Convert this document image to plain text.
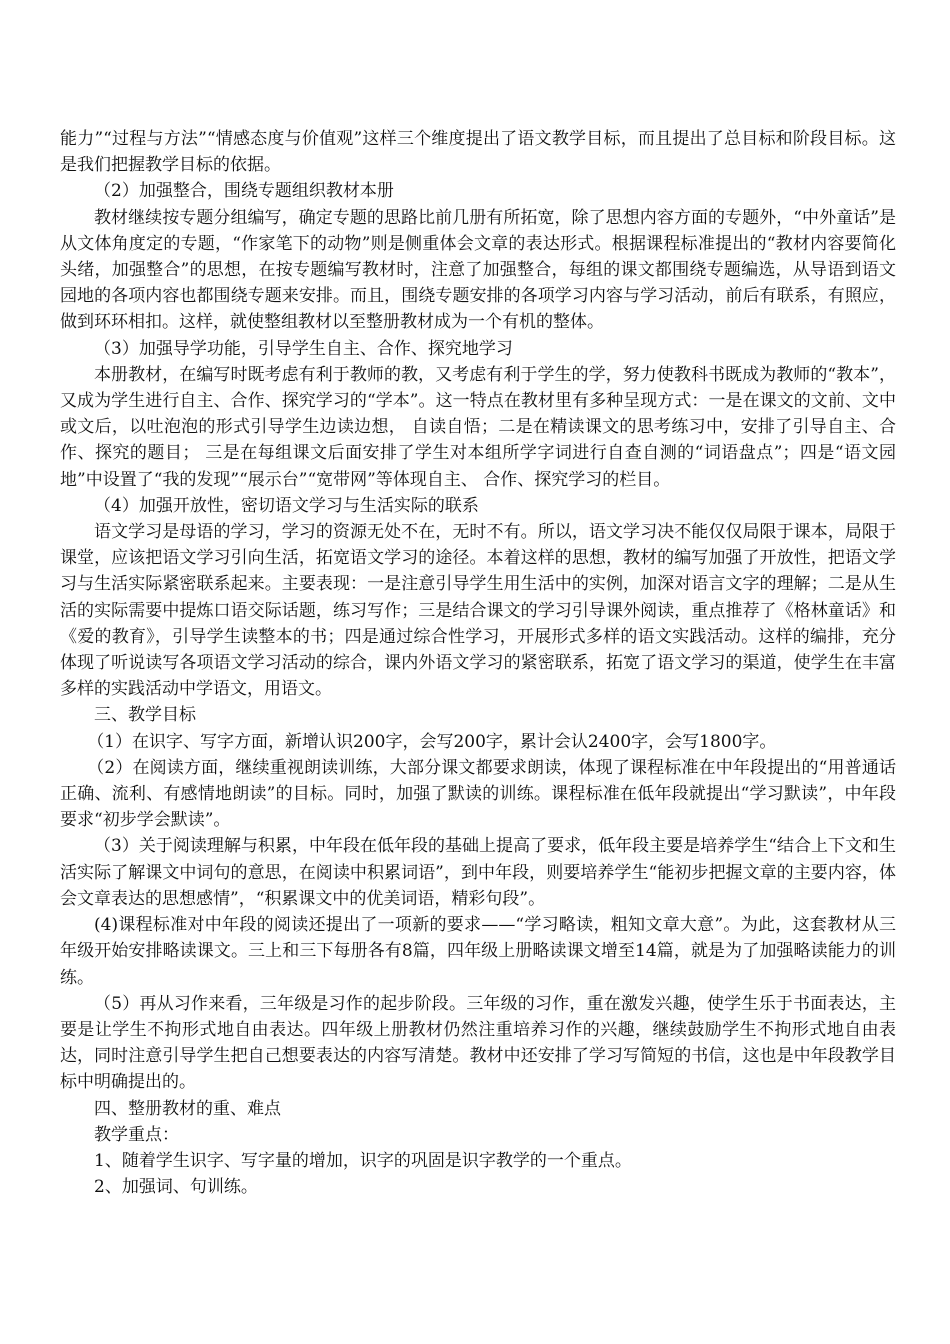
能力”“过程与方法”“情感态度与价值观”这样三个维度提出了语文教学目标，而且提出了总目标和阶段目标。这是我们把握教学目标的依据。

（2）加强整合，围绕专题组织教材本册

教材继续按专题分组编写，确定专题的思路比前几册有所拓宽，除了思想内容方面的专题外，“中外童话”是从文体角度定的专题，“作家笔下的动物”则是侧重体会文章的表达形式。根据课程标准提出的“教材内容要简化头绪，加强整合”的思想，在按专题编写教材时，注意了加强整合，每组的课文都围绕专题编选，从导语到语文园地的各项内容也都围绕专题来安排。而且，围绕专题安排的各项学习内容与学习活动，前后有联系，有照应，做到环环相扣。这样，就使整组教材以至整册教材成为一个有机的整体。

（3）加强导学功能，引导学生自主、合作、探究地学习

本册教材，在编写时既考虑有利于教师的教，又考虑有利于学生的学，努力使教科书既成为教师的“教本”，又成为学生进行自主、合作、探究学习的“学本”。这一特点在教材里有多种呈现方式：一是在课文的文前、文中或文后，以吐泡泡的形式引导学生边读边想， 自读自悟；二是在精读课文的思考练习中，安排了引导自主、合作、探究的题目； 三是在每组课文后面安排了学生对本组所学字词进行自查自测的“词语盘点”；四是“语文园地”中设置了“我的发现”“展示台”“宽带网”等体现自主、 合作、探究学习的栏目。

（4）加强开放性，密切语文学习与生活实际的联系

语文学习是母语的学习，学习的资源无处不在，无时不有。所以，语文学习决不能仅仅局限于课本，局限于课堂，应该把语文学习引向生活，拓宽语文学习的途径。本着这样的思想，教材的编写加强了开放性，把语文学习与生活实际紧密联系起来。主要表现：一是注意引导学生用生活中的实例，加深对语言文字的理解；二是从生活的实际需要中提炼口语交际话题，练习写作；三是结合课文的学习引导课外阅读，重点推荐了《格林童话》和《爱的教育》，引导学生读整本的书；四是通过综合性学习，开展形式多样的语文实践活动。这样的编排，充分体现了听说读写各项语文学习活动的综合，课内外语文学习的紧密联系，拓宽了语文学习的渠道，使学生在丰富多样的实践活动中学语文，用语文。

三、教学目标

（1）在识字、写字方面，新增认识200字，会写200字，累计会认2400字，会写1800字。

（2）在阅读方面，继续重视朗读训练，大部分课文都要求朗读，体现了课程标准在中年段提出的“用普通话正确、流利、有感情地朗读”的目标。同时，加强了默读的训练。课程标准在低年段就提出“学习默读”，中年段要求“初步学会默读”。

（3）关于阅读理解与积累，中年段在低年段的基础上提高了要求，低年段主要是培养学生“结合上下文和生活实际了解课文中词句的意思，在阅读中积累词语”，到中年段，则要培养学生“能初步把握文章的主要内容，体会文章表达的思想感情”，“积累课文中的优美词语，精彩句段”。

(4)课程标准对中年段的阅读还提出了一项新的要求——“学习略读，粗知文章大意”。为此，这套教材从三年级开始安排略读课文。三上和三下每册各有8篇，四年级上册略读课文增至14篇，就是为了加强略读能力的训练。

（5）再从习作来看，三年级是习作的起步阶段。三年级的习作，重在激发兴趣，使学生乐于书面表达，主要是让学生不拘形式地自由表达。四年级上册教材仍然注重培养习作的兴趣，继续鼓励学生不拘形式地自由表达，同时注意引导学生把自己想要表达的内容写清楚。教材中还安排了学习写简短的书信，这也是中年段教学目标中明确提出的。

四、整册教材的重、难点

教学重点：

1、随着学生识字、写字量的增加，识字的巩固是识字教学的一个重点。

2、加强词、句训练。
